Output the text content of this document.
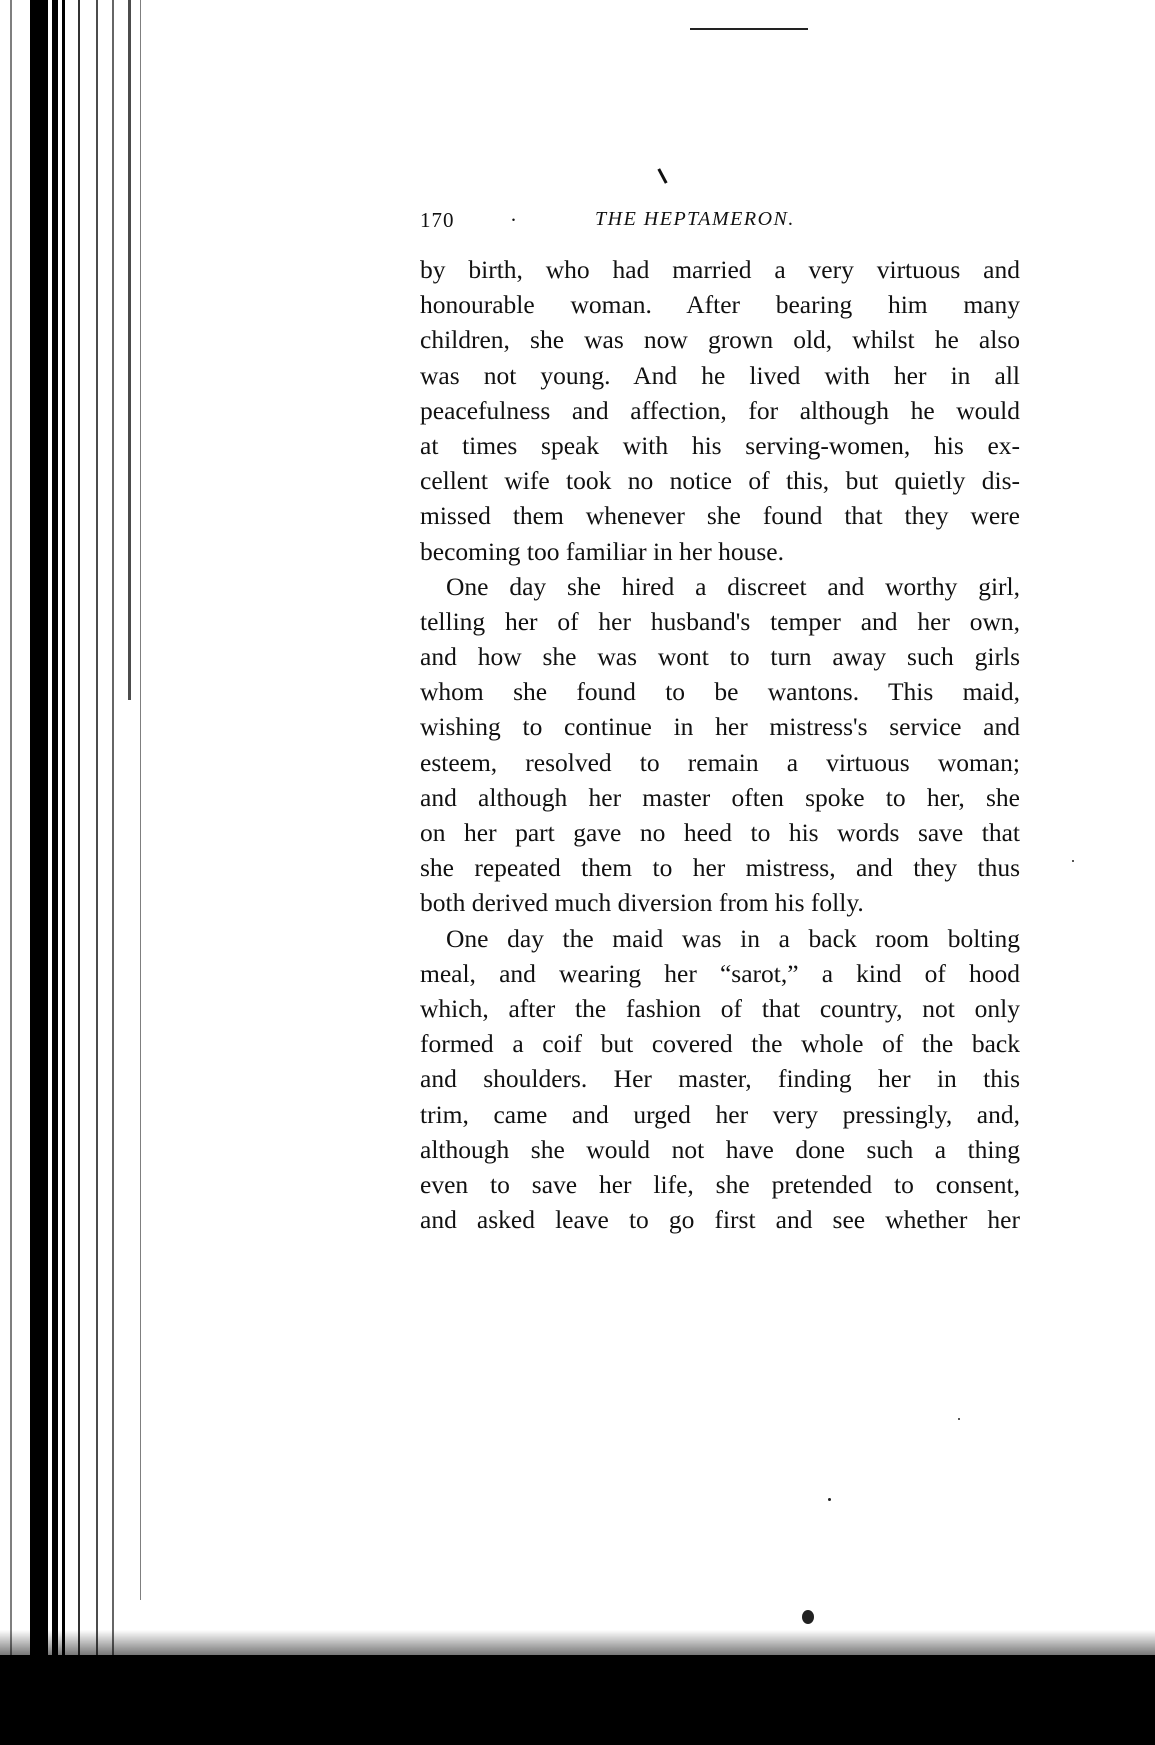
170	·	THE HEPTAMERON.
by birth, who had married a very virtuous and
honourable woman. After bearing him many
children, she was now grown old, whilst he also
was not young. And he lived with her in all
peacefulness and affection, for although he would
at times speak with his serving-women, his ex-
cellent wife took no notice of this, but quietly dis-
missed them whenever she found that they were
becoming too familiar in her house.
One day she hired a discreet and worthy girl,
telling her of her husband's temper and her own,
and how she was wont to turn away such girls
whom she found to be wantons. This maid,
wishing to continue in her mistress's service and
esteem, resolved to remain a virtuous woman;
and although her master often spoke to her, she
on her part gave no heed to his words save that
she repeated them to her mistress, and they thus
both derived much diversion from his folly.
One day the maid was in a back room bolting
meal, and wearing her “sarot,” a kind of hood
which, after the fashion of that country, not only
formed a coif but covered the whole of the back
and shoulders. Her master, finding her in this
trim, came and urged her very pressingly, and,
although she would not have done such a thing
even to save her life, she pretended to consent,
and asked leave to go first and see whether her
